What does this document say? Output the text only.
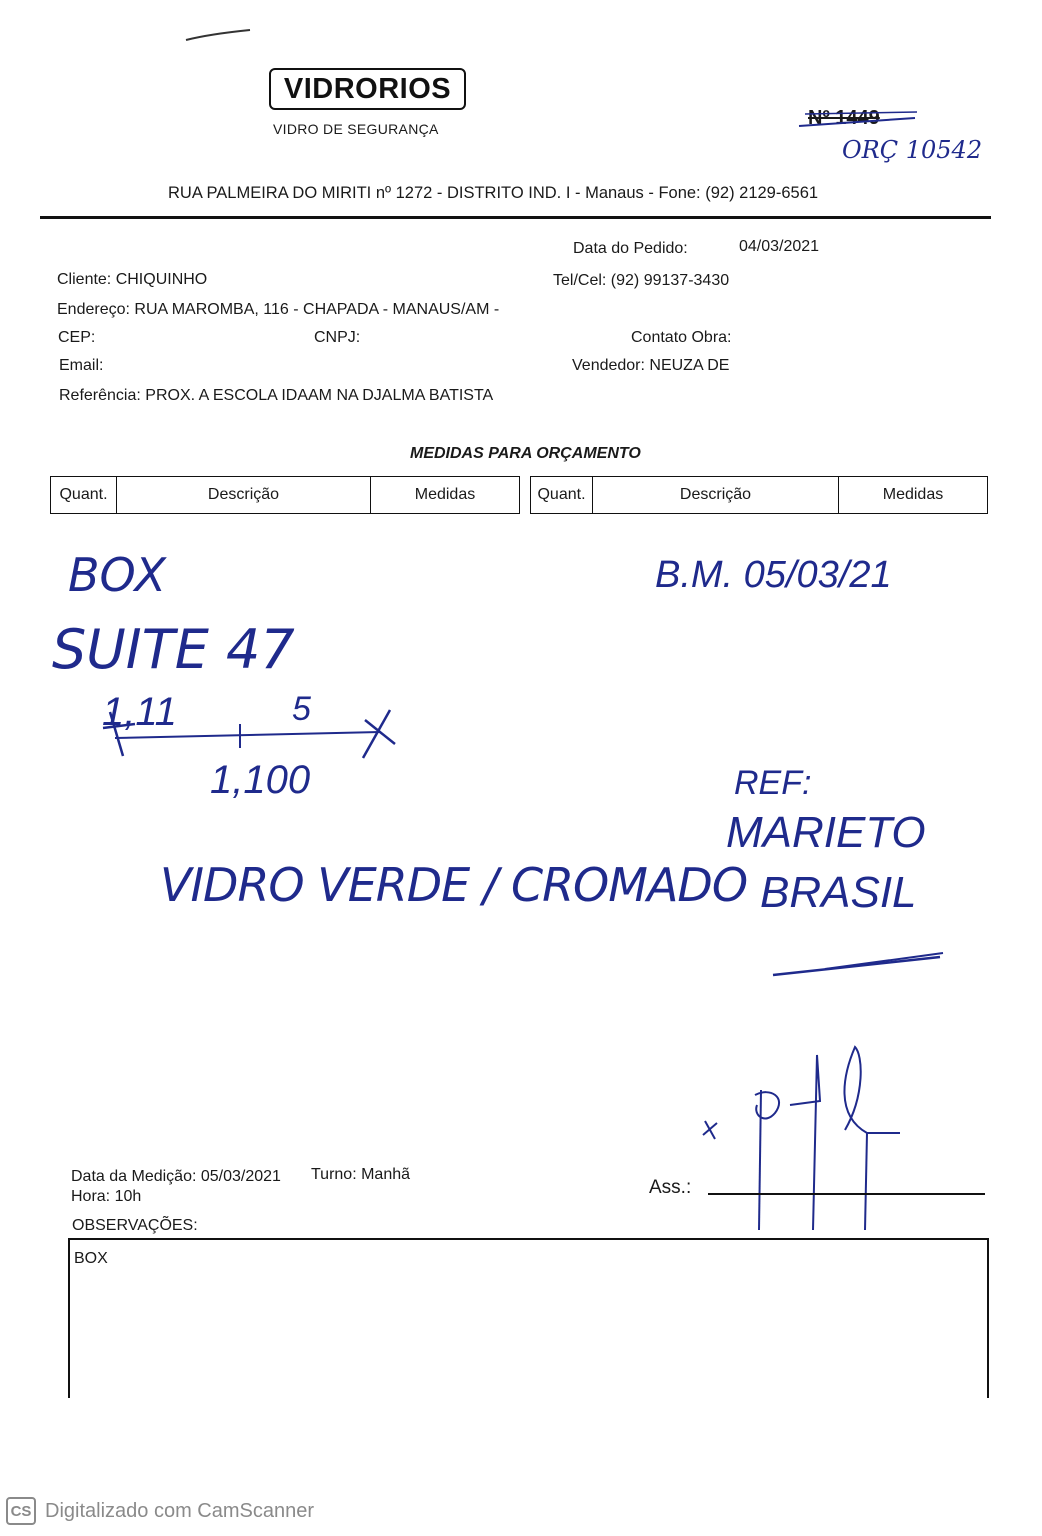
VIDRORIOS
VIDRO DE SEGURANÇA	Nº 1449
ORÇ 10542
RUA PALMEIRA DO MIRITI nº 1272 - DISTRITO IND. I - Manaus - Fone: (92) 2129-6561
Data do Pedido:	04/03/2021
Cliente: CHIQUINHO	Tel/Cel: (92) 99137-3430
Endereço: RUA MAROMBA, 116 - CHAPADA - MANAUS/AM -
CEP:	CNPJ:	Contato Obra:
Email:	Vendedor: NEUZA DE
Referência: PROX. A ESCOLA IDAAM NA DJALMA BATISTA
MEDIDAS PARA ORÇAMENTO
Quant.	Descrição	Medidas	Quant.	Descrição	Medidas
BOX
SUITE 47
1,11	5
1,100
VIDRO VERDE / CROMADO
B.M. 05/03/21
REF:
MARIETO
BRASIL
Data da Medição: 05/03/2021 Turno: Manhã
Hora: 10h	Ass.:
OBSERVAÇÕES:
BOX
CS Digitalizado com CamScanner
